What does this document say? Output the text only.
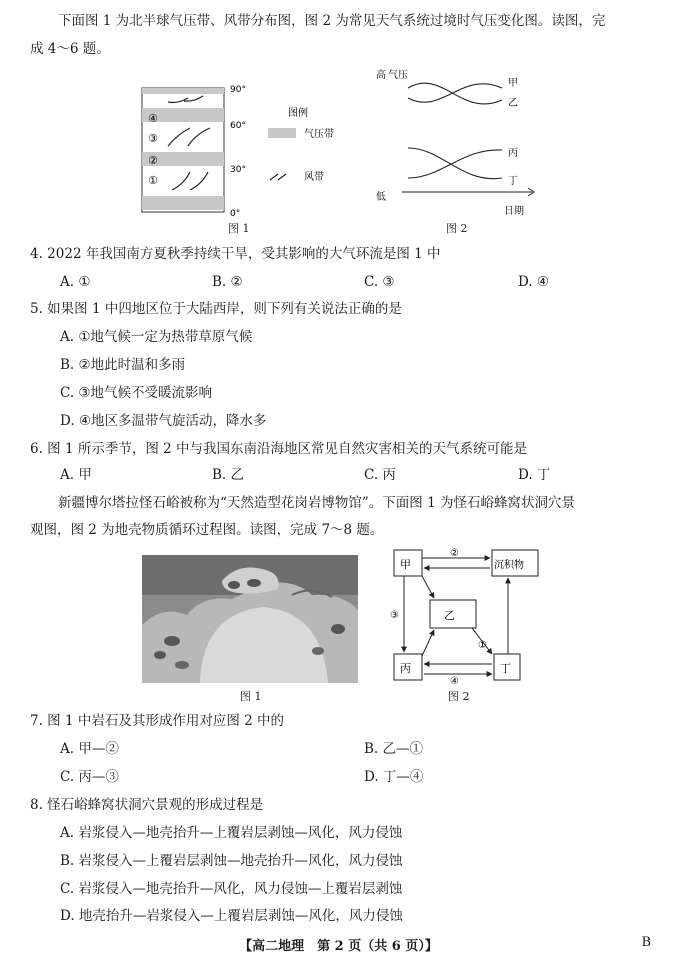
下面图 1 为北半球气压带、风带分布图，图 2 为常见天气系统过境时气压变化图。读图，完
成 4～6 题。
④
③
②
①
90°
60°
30°
0°
图例
气压带
风带
图 1
高 气压
低
日期
甲
乙
丙
丁
图 2
4. 2022 年我国南方夏秋季持续干旱，受其影响的大气环流是图 1 中
A. ①	B. ②	C. ③	D. ④
5. 如果图 1 中四地区位于大陆西岸，则下列有关说法正确的是
A. ①地气候一定为热带草原气候
B. ②地此时温和多雨
C. ③地气候不受暖流影响
D. ④地区多温带气旋活动，降水多
6. 图 1 所示季节，图 2 中与我国东南沿海地区常见自然灾害相关的天气系统可能是
A. 甲	B. 乙	C. 丙	D. 丁
新疆博尔塔拉怪石峪被称为“天然造型花岗岩博物馆”。下面图 1 为怪石峪蜂窝状洞穴景
观图，图 2 为地壳物质循环过程图。读图，完成 7～8 题。
图 1
甲
乙
丙	丁
沉积物
②
③
①
④
图 2
7. 图 1 中岩石及其形成作用对应图 2 中的
A. 甲—②	B. 乙—①
C. 丙—③	D. 丁—④
8. 怪石峪蜂窝状洞穴景观的形成过程是
A. 岩浆侵入—地壳抬升—上覆岩层剥蚀—风化，风力侵蚀
B. 岩浆侵入—上覆岩层剥蚀—地壳抬升—风化，风力侵蚀
C. 岩浆侵入—地壳抬升—风化，风力侵蚀—上覆岩层剥蚀
D. 地壳抬升—岩浆侵入—上覆岩层剥蚀—风化，风力侵蚀
【高二地理　第 2 页（共 6 页）】	B
